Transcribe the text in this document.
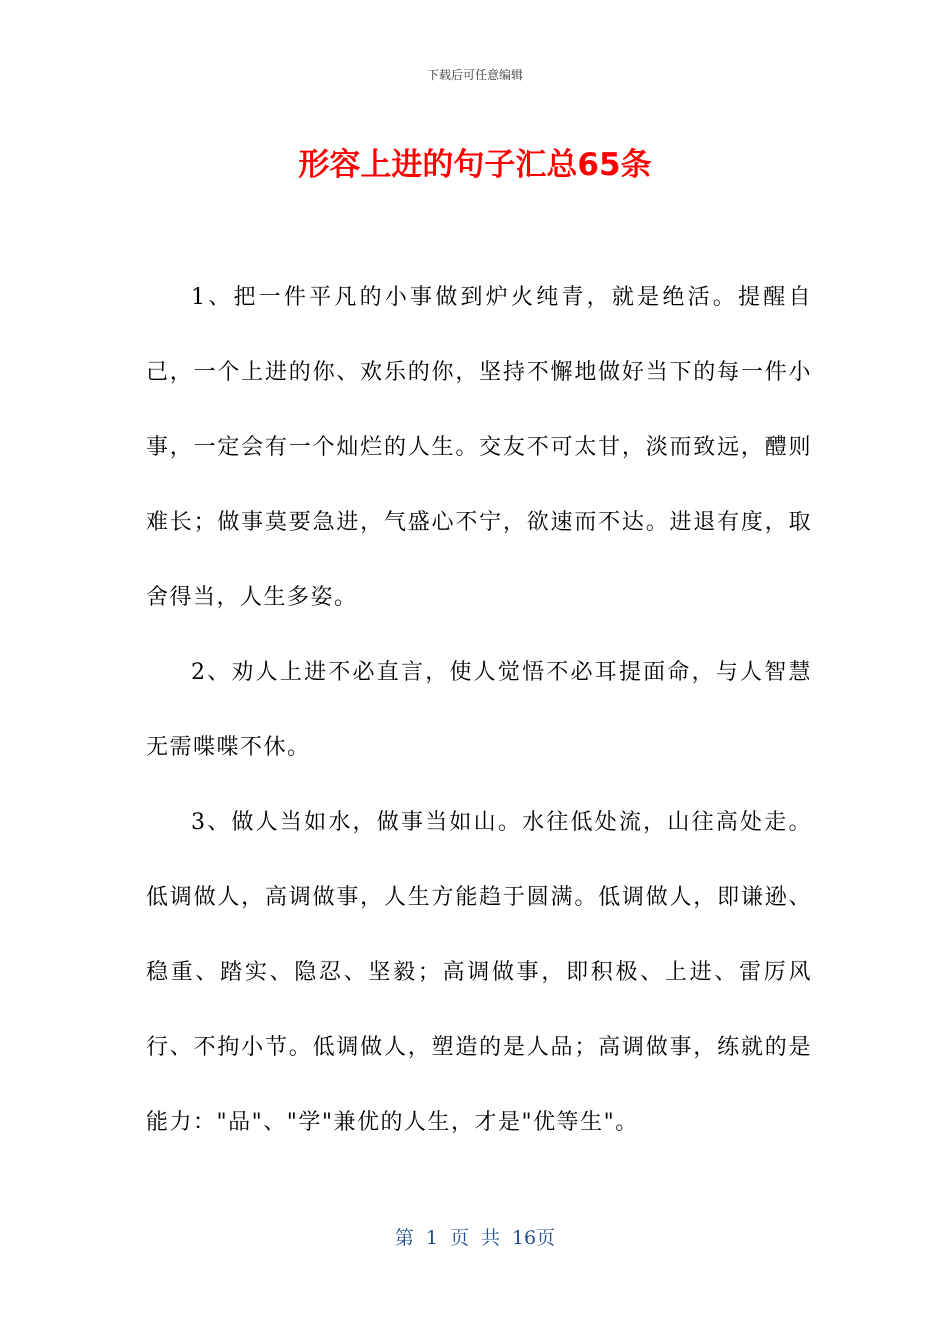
下载后可任意编辑
形容上进的句子汇总65条

1、把一件平凡的小事做到炉火纯青，就是绝活。提醒自己，一个上进的你、欢乐的你，坚持不懈地做好当下的每一件小事，一定会有一个灿烂的人生。交友不可太甘，淡而致远，醴则难长；做事莫要急进，气盛心不宁，欲速而不达。进退有度，取舍得当，人生多姿。

2、劝人上进不必直言，使人觉悟不必耳提面命，与人智慧无需喋喋不休。

3、做人当如水，做事当如山。水往低处流，山往高处走。低调做人，高调做事，人生方能趋于圆满。低调做人，即谦逊、稳重、踏实、隐忍、坚毅；高调做事，即积极、上进、雷厉风行、不拘小节。低调做人，塑造的是人品；高调做事，练就的是能力："品"、"学"兼优的人生，才是"优等生"。

第 1 页 共 16页
